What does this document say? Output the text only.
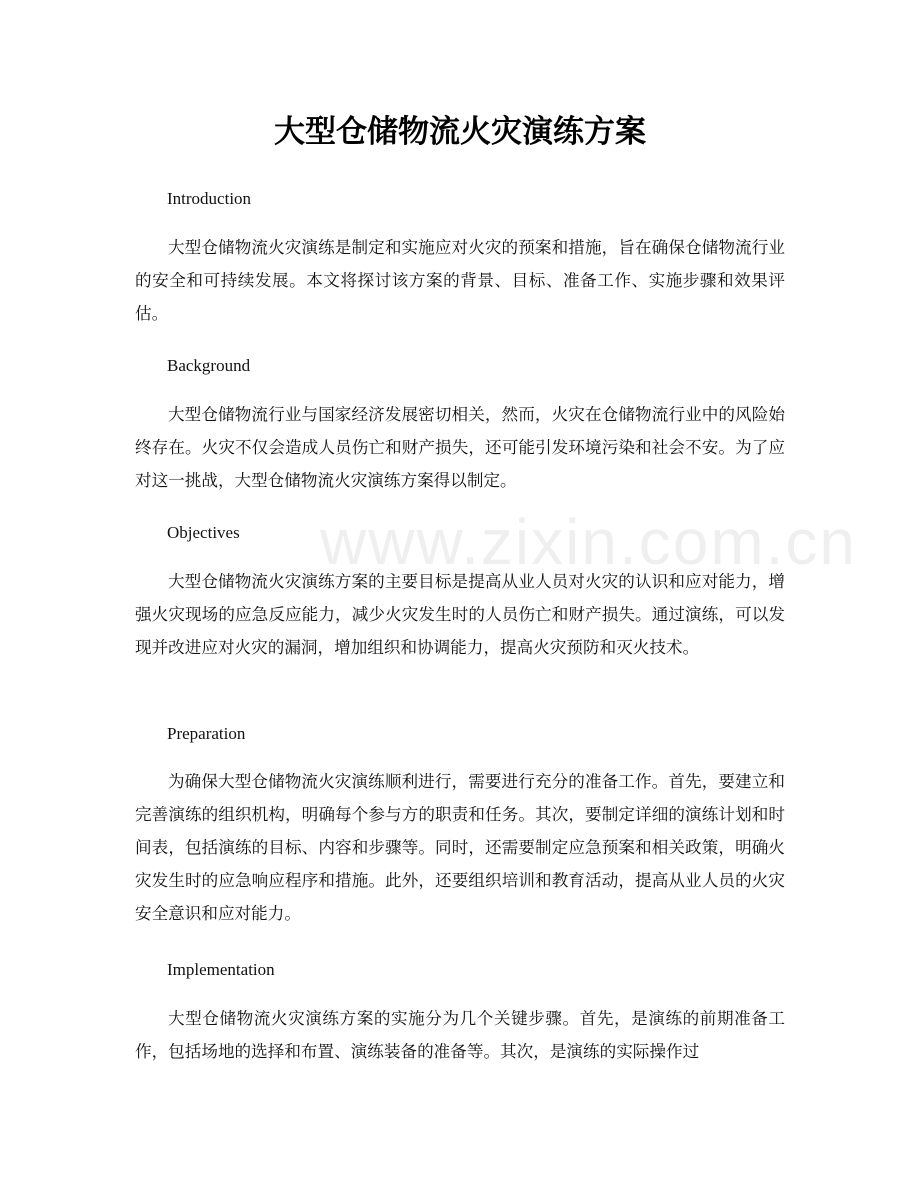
大型仓储物流火灾演练方案
www.zixin.com.cn

Introduction

大型仓储物流火灾演练是制定和实施应对火灾的预案和措施，旨在确保仓储物流行业的安全和可持续发展。本文将探讨该方案的背景、目标、准备工作、实施步骤和效果评估。

Background

大型仓储物流行业与国家经济发展密切相关，然而，火灾在仓储物流行业中的风险始终存在。火灾不仅会造成人员伤亡和财产损失，还可能引发环境污染和社会不安。为了应对这一挑战，大型仓储物流火灾演练方案得以制定。

Objectives

大型仓储物流火灾演练方案的主要目标是提高从业人员对火灾的认识和应对能力，增强火灾现场的应急反应能力，减少火灾发生时的人员伤亡和财产损失。通过演练，可以发现并改进应对火灾的漏洞，增加组织和协调能力，提高火灾预防和灭火技术。

Preparation

为确保大型仓储物流火灾演练顺利进行，需要进行充分的准备工作。首先，要建立和完善演练的组织机构，明确每个参与方的职责和任务。其次，要制定详细的演练计划和时间表，包括演练的目标、内容和步骤等。同时，还需要制定应急预案和相关政策，明确火灾发生时的应急响应程序和措施。此外，还要组织培训和教育活动，提高从业人员的火灾安全意识和应对能力。

Implementation

大型仓储物流火灾演练方案的实施分为几个关键步骤。首先，是演练的前期准备工作，包括场地的选择和布置、演练装备的准备等。其次，是演练的实际操作过
